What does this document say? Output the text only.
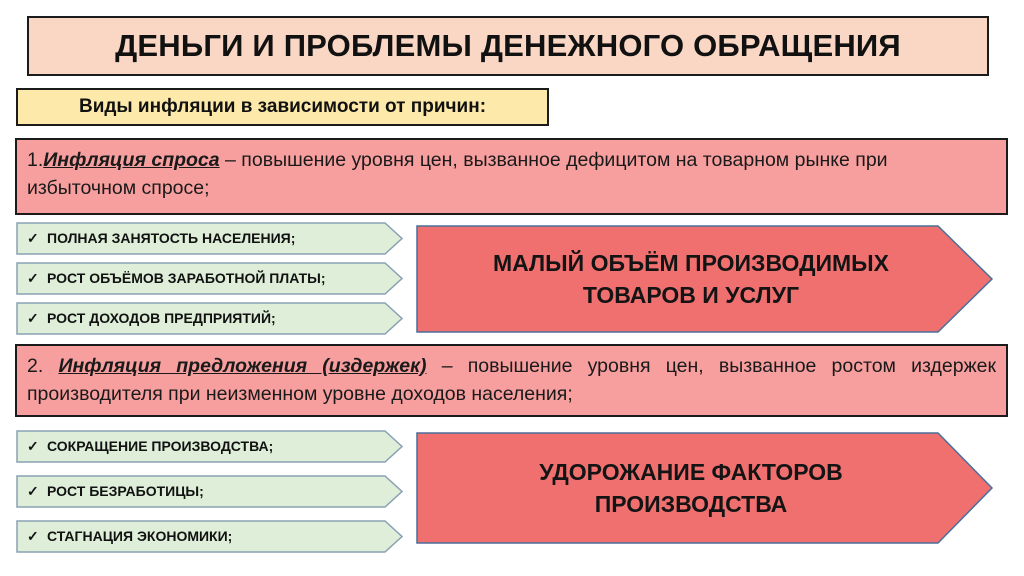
ДЕНЬГИ И ПРОБЛЕМЫ ДЕНЕЖНОГО ОБРАЩЕНИЯ
Виды инфляции в зависимости от причин:
1.Инфляция спроса – повышение уровня цен, вызванное дефицитом на товарном рынке при избыточном спросе;
✓ ПОЛНАЯ ЗАНЯТОСТЬ НАСЕЛЕНИЯ;
✓ РОСТ ОБЪЁМОВ ЗАРАБОТНОЙ ПЛАТЫ;
✓ РОСТ ДОХОДОВ ПРЕДПРИЯТИЙ;
МАЛЫЙ ОБЪЁМ ПРОИЗВОДИМЫХ
ТОВАРОВ И УСЛУГ
2. Инфляция предложения (издержек) – повышение уровня цен, вызванное ростом издержек производителя при неизменном уровне доходов населения;
✓ СОКРАЩЕНИЕ ПРОИЗВОДСТВА;
✓ РОСТ БЕЗРАБОТИЦЫ;
✓ СТАГНАЦИЯ ЭКОНОМИКИ;
УДОРОЖАНИЕ ФАКТОРОВ
ПРОИЗВОДСТВА
